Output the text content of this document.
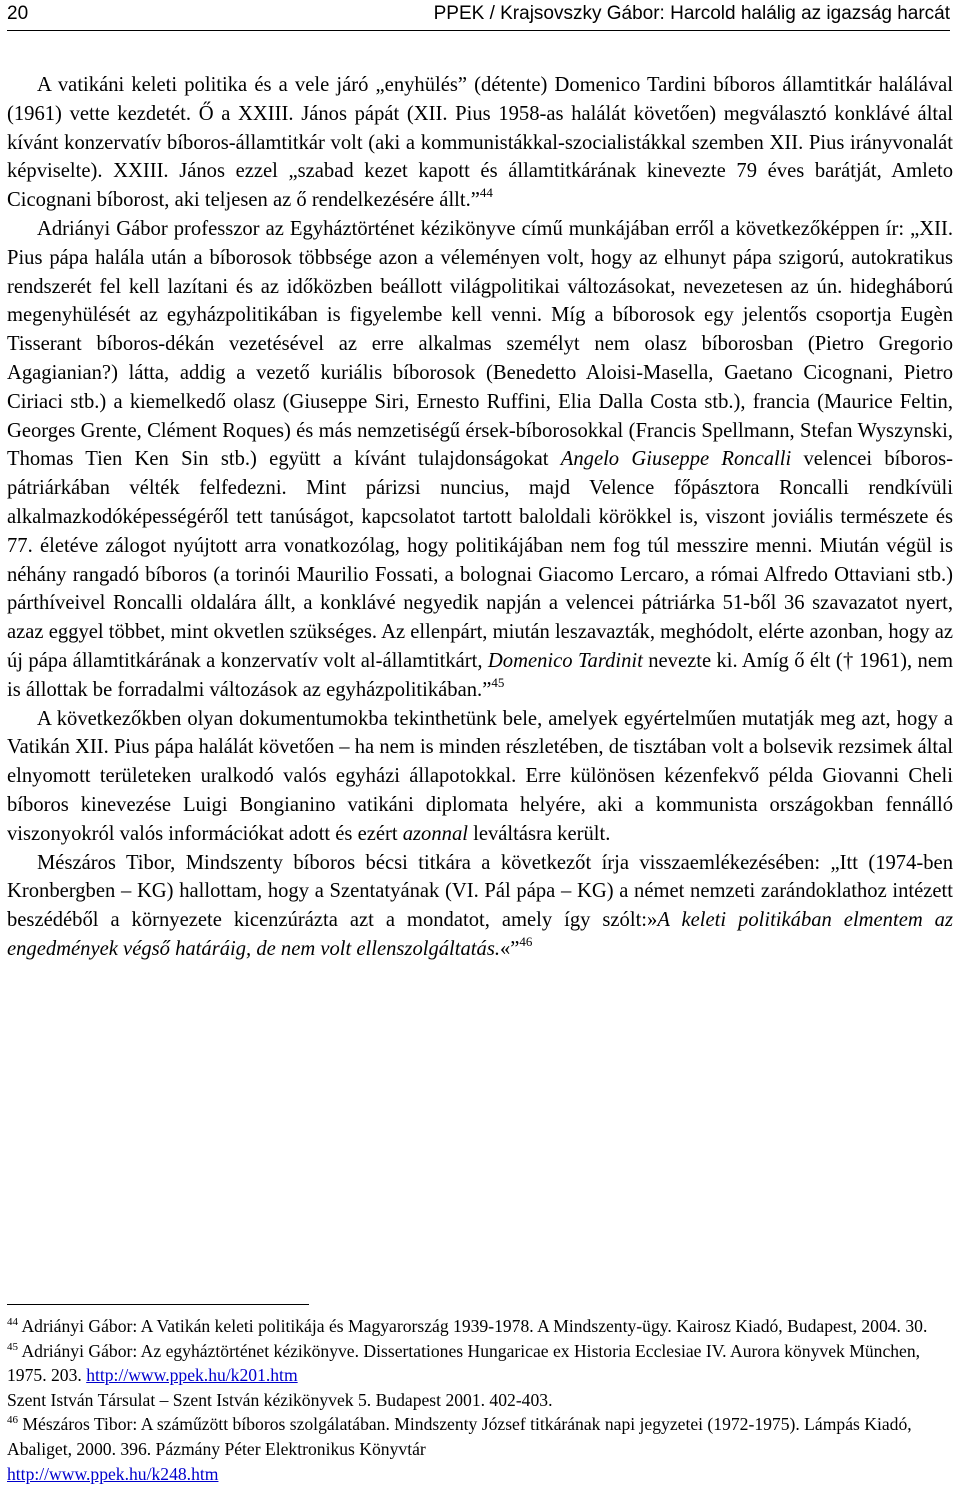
20	PPEK / Krajsovszky Gábor: Harcold halálig az igazság harcát

A vatikáni keleti politika és a vele járó „enyhülés” (détente) Domenico Tardini bíboros államtitkár halálával (1961) vette kezdetét. Ő a XXIII. János pápát (XII. Pius 1958-as halálát követően) megválasztó konklávé által kívánt konzervatív bíboros-államtitkár volt (aki a kommunistákkal-szocialistákkal szemben XII. Pius irányvonalát képviselte). XXIII. János ezzel „szabad kezet kapott és államtitkárának kinevezte 79 éves barátját, Amleto Cicognani bíborost, aki teljesen az ő rendelkezésére állt.”$^{44}$

Adriányi Gábor professzor az Egyháztörténet kézikönyve című munkájában erről a következőképpen ír: „XII. Pius pápa halála után a bíborosok többsége azon a véleményen volt, hogy az elhunyt pápa szigorú, autokratikus rendszerét fel kell lazítani és az időközben beállott világpolitikai változásokat, nevezetesen az ún. hidegháború megenyhülését az egyházpolitikában is figyelembe kell venni. Míg a bíborosok egy jelentős csoportja Eugèn Tisserant bíboros-dékán vezetésével az erre alkalmas személyt nem olasz bíborosban (Pietro Gregorio Agagianian?) látta, addig a vezető kuriális bíborosok (Benedetto Aloisi-Masella, Gaetano Cicognani, Pietro Ciriaci stb.) a kiemelkedő olasz (Giuseppe Siri, Ernesto Ruffini, Elia Dalla Costa stb.), francia (Maurice Feltin, Georges Grente, Clément Roques) és más nemzetiségű érsek-bíborosokkal (Francis Spellmann, Stefan Wyszynski, Thomas Tien Ken Sin stb.) együtt a kívánt tulajdonságokat Angelo Giuseppe Roncalli velencei bíboros-pátriárkában vélték felfedezni. Mint párizsi nuncius, majd Velence főpásztora Roncalli rendkívüli alkalmazkodóképességéről tett tanúságot, kapcsolatot tartott baloldali körökkel is, viszont joviális természete és 77. életéve zálogot nyújtott arra vonatkozólag, hogy politikájában nem fog túl messzire menni. Miután végül is néhány rangadó bíboros (a torinói Maurilio Fossati, a bolognai Giacomo Lercaro, a római Alfredo Ottaviani stb.) párthíveivel Roncalli oldalára állt, a konklávé negyedik napján a velencei pátriárka 51-ből 36 szavazatot nyert, azaz eggyel többet, mint okvetlen szükséges. Az ellenpárt, miután leszavazták, meghódolt, elérte azonban, hogy az új pápa államtitkárának a konzervatív volt al-államtitkárt, Domenico Tardinit nevezte ki. Amíg ő élt († 1961), nem is állottak be forradalmi változások az egyházpolitikában.”$^{45}$

A következőkben olyan dokumentumokba tekinthetünk bele, amelyek egyértelműen mutatják meg azt, hogy a Vatikán XII. Pius pápa halálát követően – ha nem is minden részletében, de tisztában volt a bolsevik rezsimek által elnyomott területeken uralkodó valós egyházi állapotokkal. Erre különösen kézenfekvő példa Giovanni Cheli bíboros kinevezése Luigi Bongianino vatikáni diplomata helyére, aki a kommunista országokban fennálló viszonyokról valós információkat adott és ezért azonnal leváltásra került.

Mészáros Tibor, Mindszenty bíboros bécsi titkára a következőt írja visszaemlékezésében: „Itt (1974-ben Kronbergben – KG) hallottam, hogy a Szentatyának (VI. Pál pápa – KG) a német nemzeti zarándoklathoz intézett beszédéből a környezete kicenzúrázta azt a mondatot, amely így szólt:»A keleti politikában elmentem az engedmények végső határáig, de nem volt ellenszolgáltatás.«”$^{46}$

$^{44}$ Adriányi Gábor: A Vatikán keleti politikája és Magyarország 1939-1978. A Mindszenty-ügy. Kairosz Kiadó, Budapest, 2004. 30.

$^{45}$ Adriányi Gábor: Az egyháztörténet kézikönyve. Dissertationes Hungaricae ex Historia Ecclesiae IV. Aurora könyvek München, 1975. 203. http://www.ppek.hu/k201.htm

Szent István Társulat – Szent István kézikönyvek 5. Budapest 2001. 402-403.

$^{46}$ Mészáros Tibor: A száműzött bíboros szolgálatában. Mindszenty József titkárának napi jegyzetei (1972-1975). Lámpás Kiadó, Abaliget, 2000. 396. Pázmány Péter Elektronikus Könyvtár
http://www.ppek.hu/k248.htm
